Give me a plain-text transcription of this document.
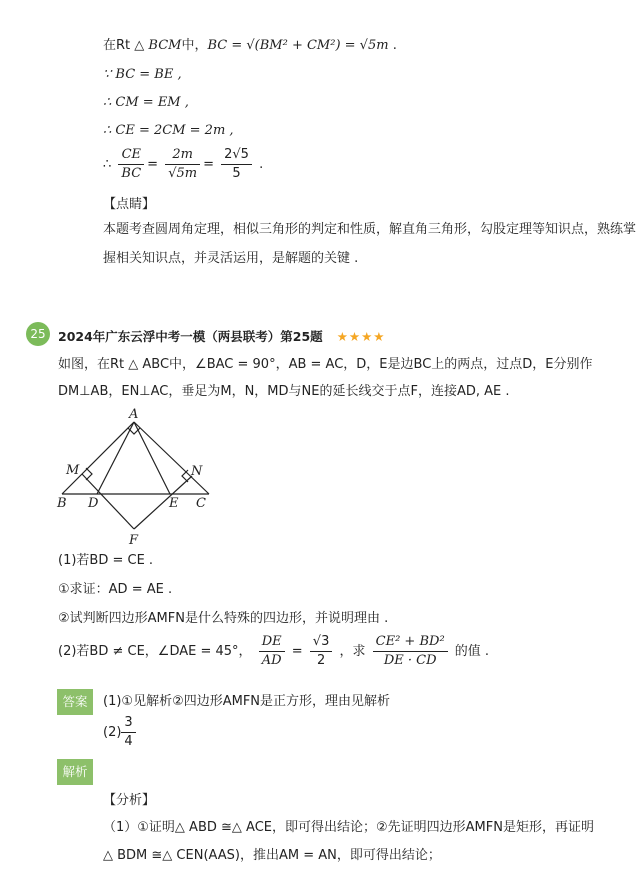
在Rt △ BCM中，BC = √(BM² + CM²) = √5m .
∵ BC = BE ,
∴ CM = EM ,
∴ CE = 2CM = 2m ,
∴ $\frac{CE}{BC} = \frac{2m}{√5m} = \frac{2√5}{5}$ .
【点睛】
本题考查圆周角定理，相似三角形的判定和性质，解直角三角形，勾股定理等知识点，熟练掌
握相关知识点，并灵活运用，是解题的关键 .
25 2024年广东云浮中考一模（两县联考）第25题 ★★★★
如图，在Rt △ ABC中，∠BAC = 90°，AB = AC，D，E是边BC上的两点，过点D，E分别作
DM⊥AB，EN⊥AC，垂足为M，N，MD与NE的延长线交于点F，连接AD, AE .
A
M	N
B D	E C
F
(1)若BD = CE .
①求证：AD = AE .
②试判断四边形AMFN是什么特殊的四边形，并说明理由 .
(2)若BD ≠ CE，∠DAE = 45°， $\frac{DE}{AD} = \frac{√3}{2}$ ，求 $\frac{\text{CE² + BD²}}{DE \cdot CD}$ 的值 .
答案	(1)①见解析②四边形AMFN是正方形，理由见解析
$(2) \frac{3}{4}$
解析
【分析】
（1）①证明△ ABD ≅△ ACE，即可得出结论；②先证明四边形AMFN是矩形，再证明
△ BDM ≅△ CEN(AAS)，推出AM = AN，即可得出结论；
